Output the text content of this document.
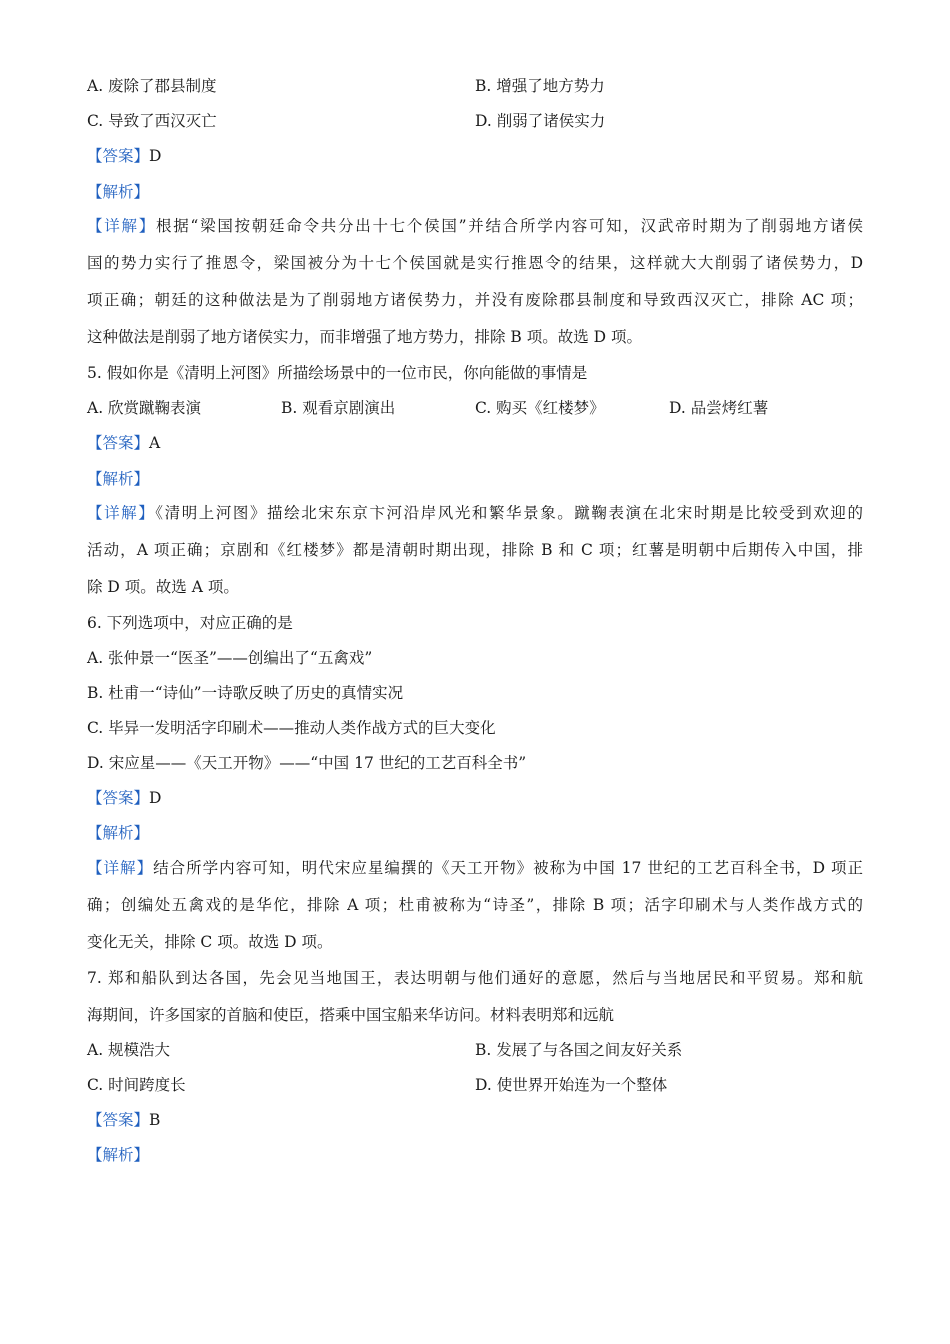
A. 废除了郡县制度	B. 增强了地方势力
C. 导致了西汉灭亡	D. 削弱了诸侯实力
【答案】D
【解析】
【详解】根据“梁国按朝廷命令共分出十七个侯国”并结合所学内容可知，汉武帝时期为了削弱地方诸侯
国的势力实行了推恩令，梁国被分为十七个侯国就是实行推恩令的结果，这样就大大削弱了诸侯势力，D
项正确；朝廷的这种做法是为了削弱地方诸侯势力，并没有废除郡县制度和导致西汉灭亡，排除 AC 项；
这种做法是削弱了地方诸侯实力，而非增强了地方势力，排除 B 项。故选 D 项。
5. 假如你是《清明上河图》所描绘场景中的一位市民，你向能做的事情是
A. 欣赏蹴鞠表演	B. 观看京剧演出	C. 购买《红楼梦》	D. 品尝烤红薯
【答案】A
【解析】
【详解】《清明上河图》描绘北宋东京卞河沿岸风光和繁华景象。蹴鞠表演在北宋时期是比较受到欢迎的
活动，A 项正确；京剧和《红楼梦》都是清朝时期出现，排除 B 和 C 项；红薯是明朝中后期传入中国，排
除 D 项。故选 A 项。
6. 下列选项中，对应正确的是
A. 张仲景一“医圣”——创编出了“五禽戏”
B. 杜甫一“诗仙”一诗歌反映了历史的真情实况
C. 毕异一发明活字印刷术——推动人类作战方式的巨大变化
D. 宋应星——《天工开物》——“中国 17 世纪的工艺百科全书”
【答案】D
【解析】
【详解】结合所学内容可知，明代宋应星编撰的《天工开物》被称为中国 17 世纪的工艺百科全书，D 项正
确；创编处五禽戏的是华佗，排除 A 项；杜甫被称为“诗圣”，排除 B 项；活字印刷术与人类作战方式的
变化无关，排除 C 项。故选 D 项。
7. 郑和船队到达各国，先会见当地国王，表达明朝与他们通好的意愿，然后与当地居民和平贸易。郑和航
海期间，许多国家的首脑和使臣，搭乘中国宝船来华访问。材料表明郑和远航
A. 规模浩大	B. 发展了与各国之间友好关系
C. 时间跨度长	D. 使世界开始连为一个整体
【答案】B
【解析】
